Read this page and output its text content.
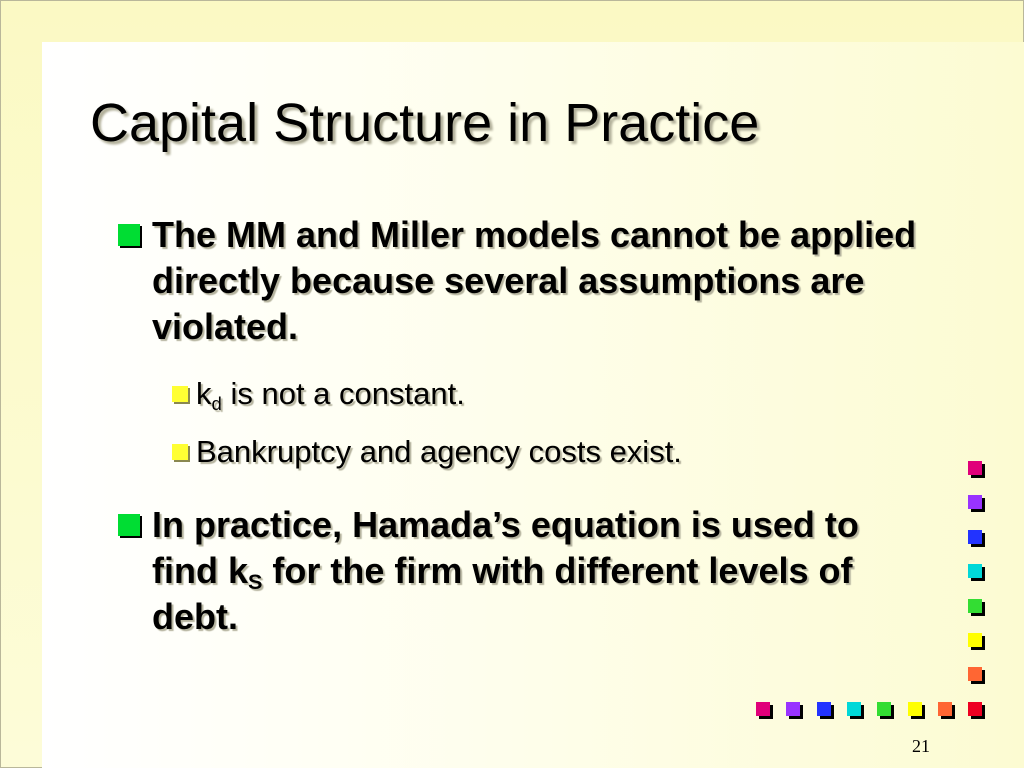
Capital Structure in Practice
The MM and Miller models cannot be applied directly because several assumptions are violated.
$k_d$ is not a constant.
Bankruptcy and agency costs exist.
In practice, Hamada’s equation is used to find $k_S$ for the firm with different levels of debt.
21
